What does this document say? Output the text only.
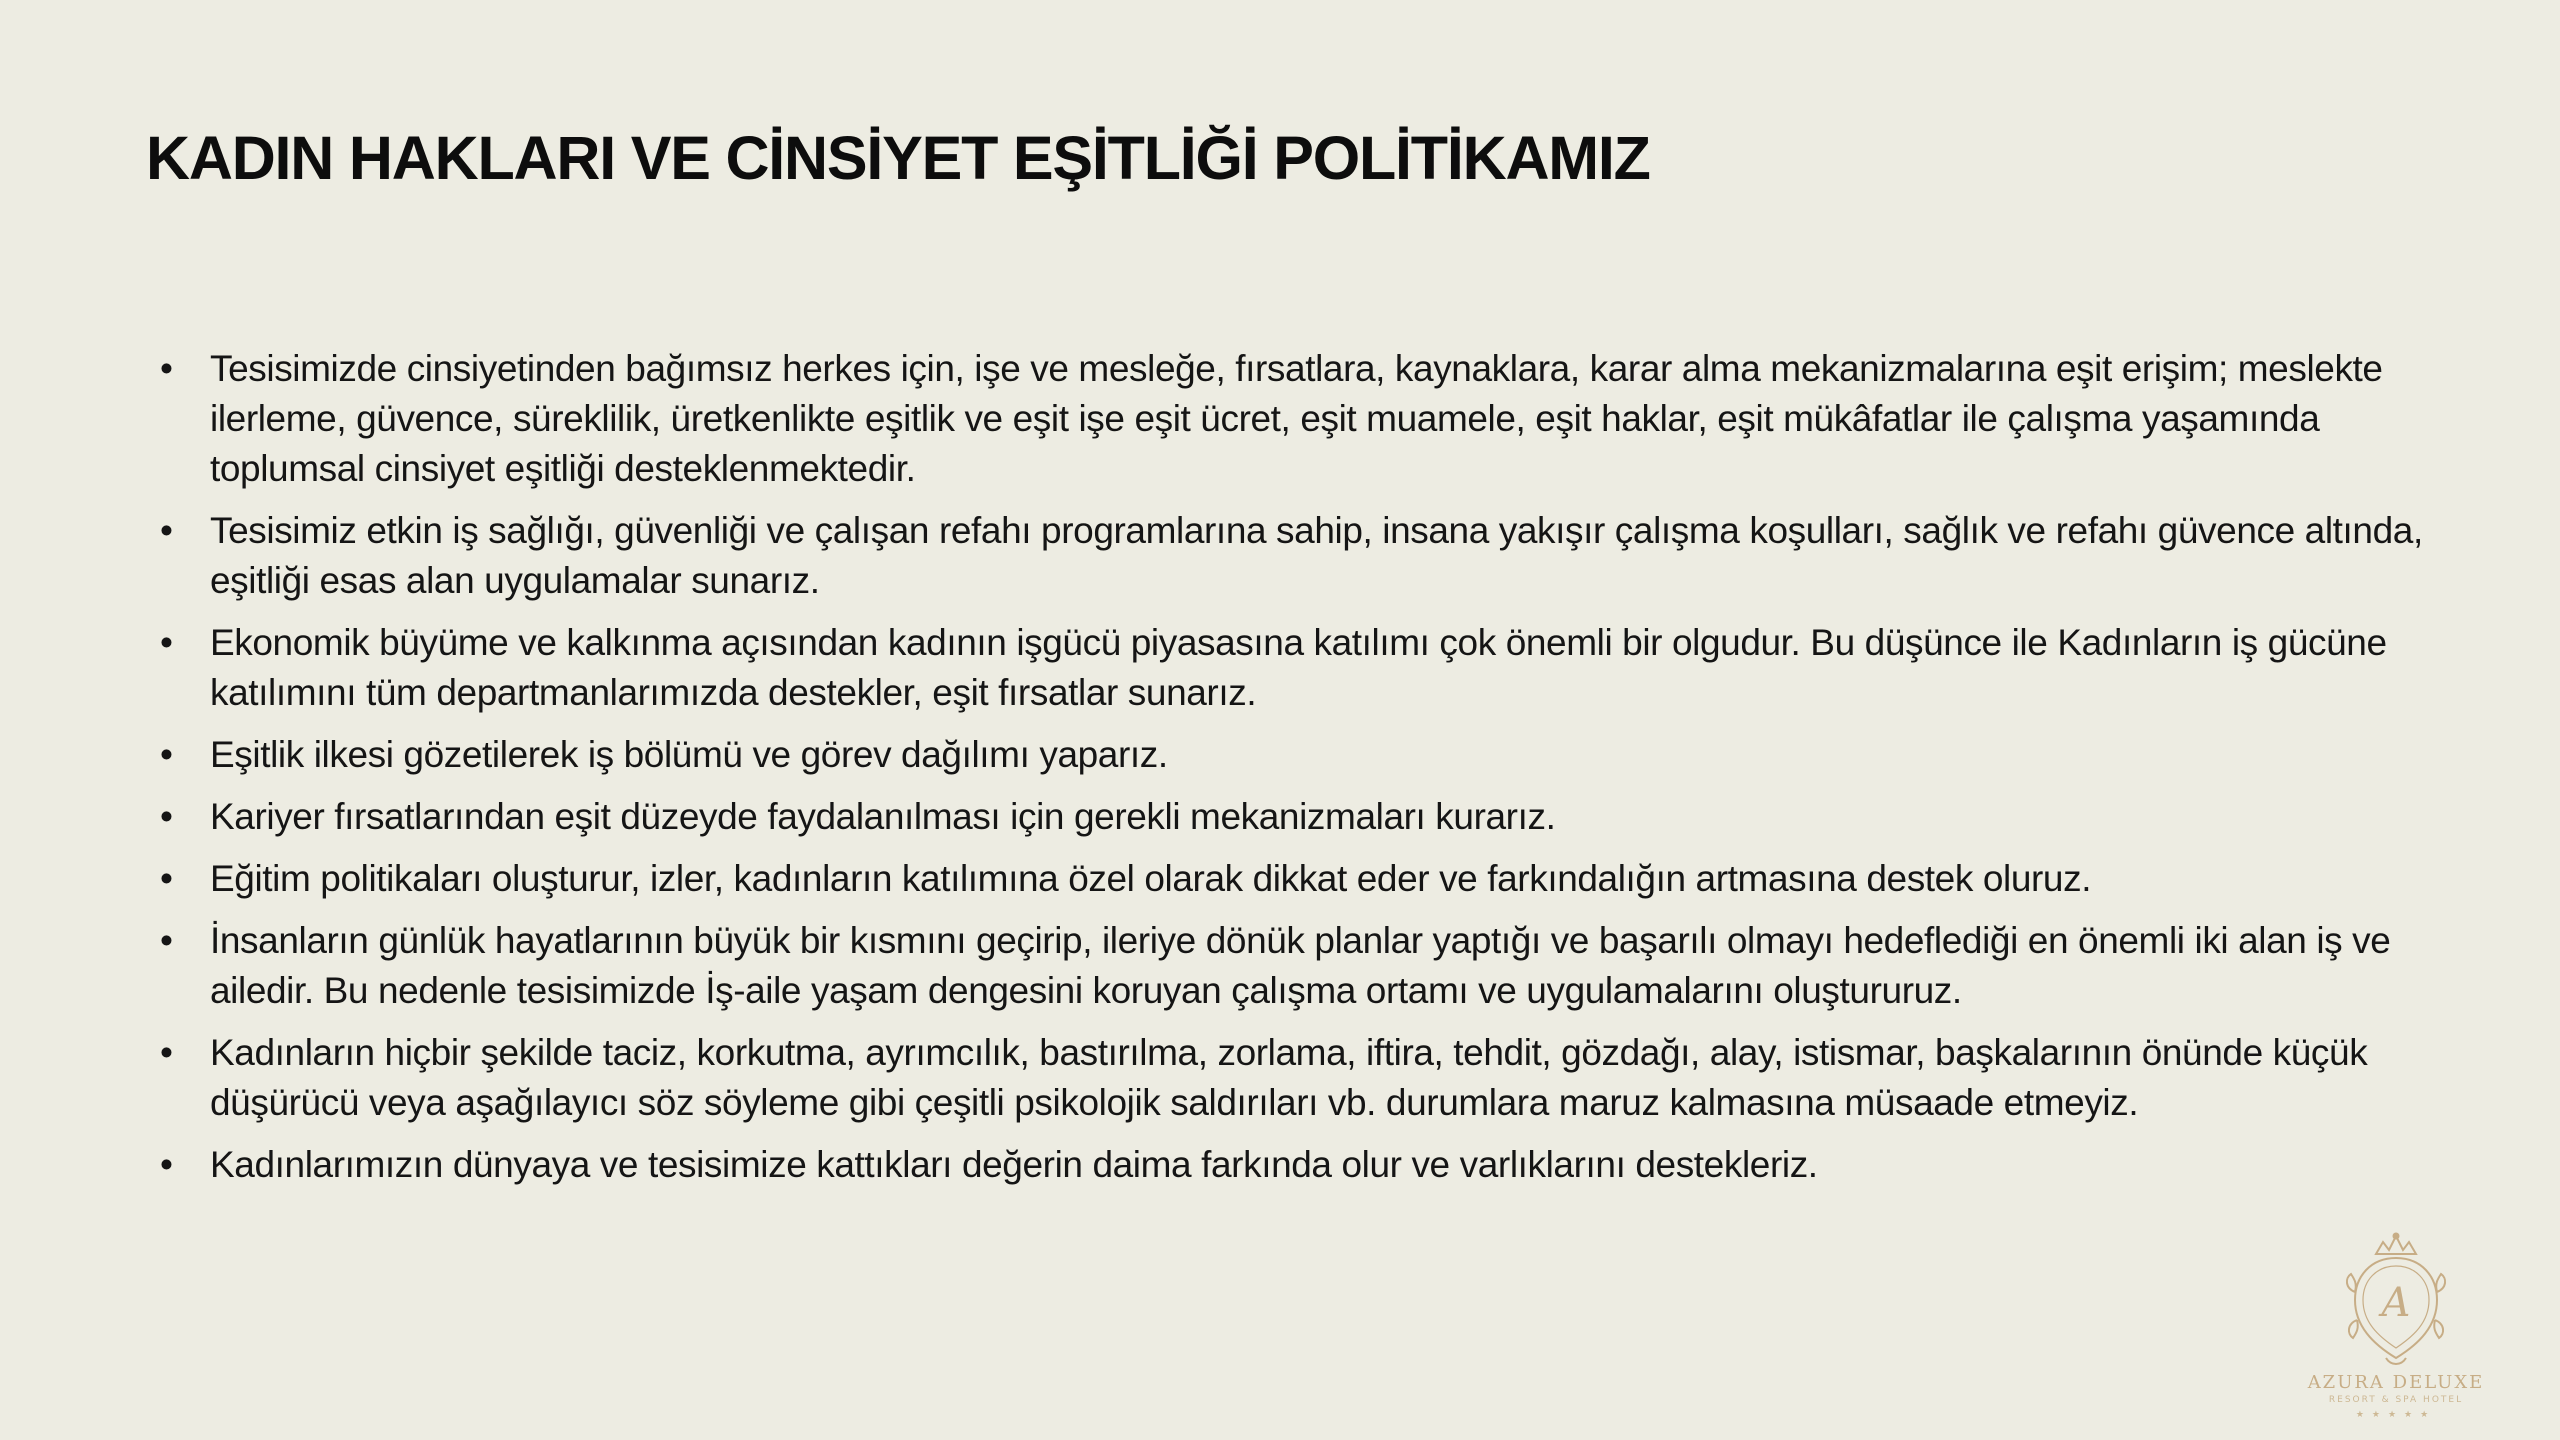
KADIN HAKLARI VE CİNSİYET EŞİTLİĞİ POLİTİKAMIZ
• Tesisimizde cinsiyetinden bağımsız herkes için, işe ve mesleğe, fırsatlara, kaynaklara, karar alma mekanizmalarına eşit erişim; meslekte ilerleme, güvence, süreklilik, üretkenlikte eşitlik ve eşit işe eşit ücret, eşit muamele, eşit haklar, eşit mükâfatlar ile çalışma yaşamında toplumsal cinsiyet eşitliği desteklenmektedir.
• Tesisimiz etkin iş sağlığı, güvenliği ve çalışan refahı programlarına sahip, insana yakışır çalışma koşulları, sağlık ve refahı güvence altında, eşitliği esas alan uygulamalar sunarız.
• Ekonomik büyüme ve kalkınma açısından kadının işgücü piyasasına katılımı çok önemli bir olgudur. Bu düşünce ile Kadınların iş gücüne katılımını tüm departmanlarımızda destekler, eşit fırsatlar sunarız.
• Eşitlik ilkesi gözetilerek iş bölümü ve görev dağılımı yaparız.
• Kariyer fırsatlarından eşit düzeyde faydalanılması için gerekli mekanizmaları kurarız.
• Eğitim politikaları oluşturur, izler, kadınların katılımına özel olarak dikkat eder ve farkındalığın artmasına destek oluruz.
• İnsanların günlük hayatlarının büyük bir kısmını geçirip, ileriye dönük planlar yaptığı ve başarılı olmayı hedeflediği en önemli iki alan iş ve ailedir. Bu nedenle tesisimizde İş-aile yaşam dengesini koruyan çalışma ortamı ve uygulamalarını oluştururuz.
• Kadınların hiçbir şekilde taciz, korkutma, ayrımcılık, bastırılma, zorlama, iftira, tehdit, gözdağı, alay, istismar, başkalarının önünde küçük düşürücü veya aşağılayıcı söz söyleme gibi çeşitli psikolojik saldırıları vb. durumlara maruz kalmasına müsaade etmeyiz.
• Kadınlarımızın dünyaya ve tesisimize kattıkları değerin daima farkında olur ve varlıklarını destekleriz.
A
AZURA DELUXE
RESORT & SPA HOTEL
★★★★★
